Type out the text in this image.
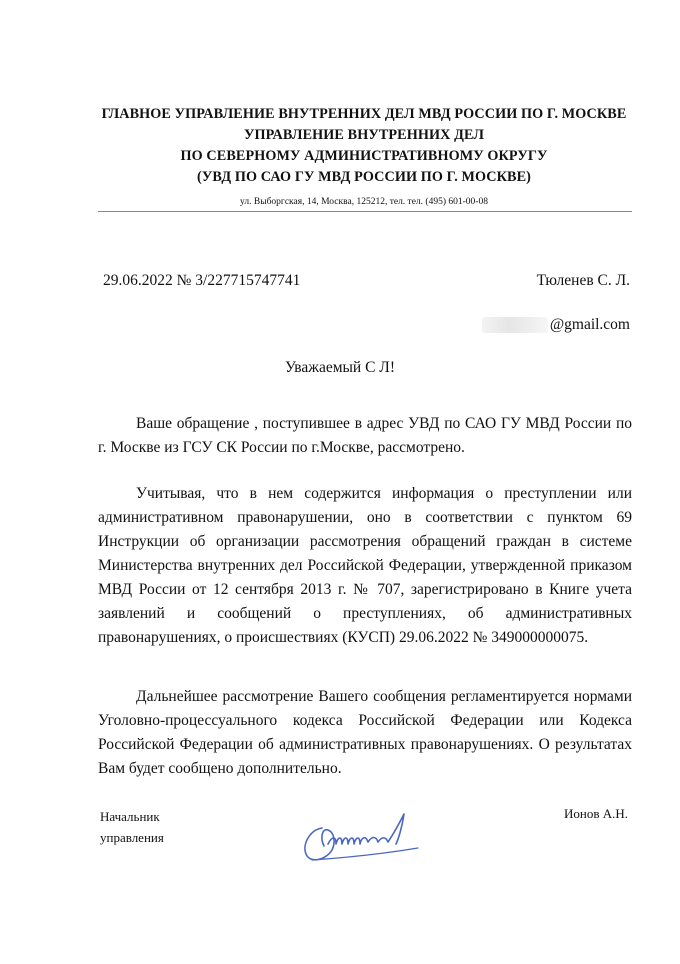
ГЛАВНОЕ УПРАВЛЕНИЕ ВНУТРЕННИХ ДЕЛ МВД РОССИИ ПО Г. МОСКВЕ
УПРАВЛЕНИЕ ВНУТРЕННИХ ДЕЛ
ПО СЕВЕРНОМУ АДМИНИСТРАТИВНОМУ ОКРУГУ
(УВД ПО САО ГУ МВД РОССИИ ПО Г. МОСКВЕ)
ул. Выборгская, 14, Москва, 125212, тел. тел. (495) 601-00-08
29.06.2022 № 3/227715747741	Тюленев С. Л.
@gmail.com
Уважаемый С Л!

Ваше обращение , поступившее в адрес УВД по САО ГУ МВД России по г. Москве из ГСУ СК России по г.Москве, рассмотрено.

Учитывая, что в нем содержится информация о преступлении или административном правонарушении, оно в соответствии с пунктом 69 Инструкции об организации рассмотрения обращений граждан в системе Министерства внутренних дел Российской Федерации, утвержденной приказом МВД России от 12 сентября 2013 г. № 707, зарегистрировано в Книге учета заявлений и сообщений о преступлениях, об административных правонарушениях, о происшествиях (КУСП) 29.06.2022 № 349000000075.

Дальнейшее рассмотрение Вашего сообщения регламентируется нормами Уголовно-процессуального кодекса Российской Федерации или Кодекса Российской Федерации об административных правонарушениях. О результатах Вам будет сообщено дополнительно.

Начальник
управления
Ионов А.Н.
